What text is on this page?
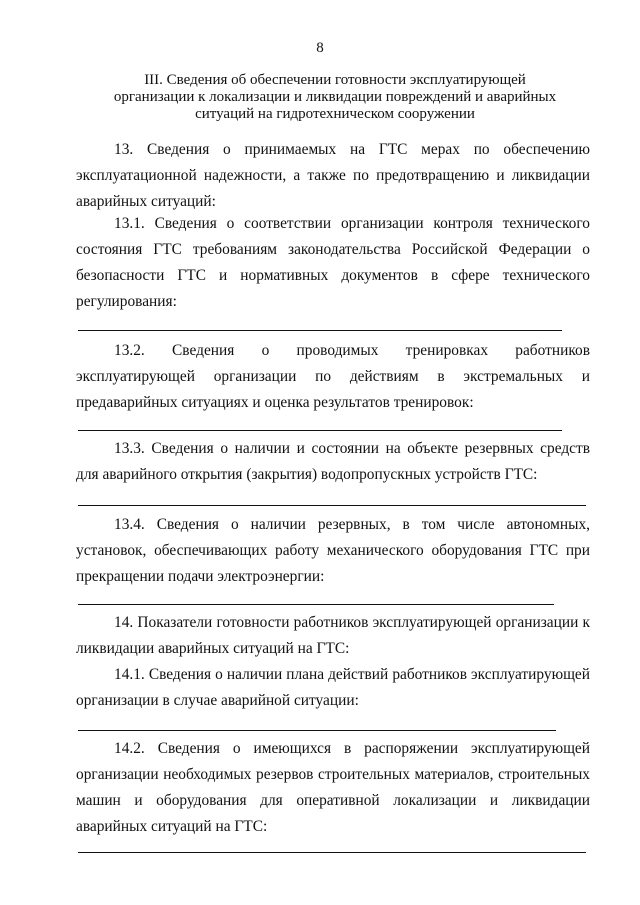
8
III. Сведения об обеспечении готовности эксплуатирующей
организации к локализации и ликвидации повреждений и аварийных
ситуаций на гидротехническом сооружении

13. Сведения о принимаемых на ГТС мерах по обеспечению эксплуатационной надежности, а также по предотвращению и ликвидации аварийных ситуаций:

13.1. Сведения о соответствии организации контроля технического состояния ГТС требованиям законодательства Российской Федерации о безопасности ГТС и нормативных документов в сфере технического регулирования:

13.2. Сведения о проводимых тренировках работников эксплуатирующей организации по действиям в экстремальных и предаварийных ситуациях и оценка результатов тренировок:

13.3. Сведения о наличии и состоянии на объекте резервных средств для аварийного открытия (закрытия) водопропускных устройств ГТС:

13.4. Сведения о наличии резервных, в том числе автономных, установок, обеспечивающих работу механического оборудования ГТС при прекращении подачи электроэнергии:

14. Показатели готовности работников эксплуатирующей организации к ликвидации аварийных ситуаций на ГТС:

14.1. Сведения о наличии плана действий работников эксплуатирующей организации в случае аварийной ситуации:

14.2. Сведения о имеющихся в распоряжении эксплуатирующей организации необходимых резервов строительных материалов, строительных машин и оборудования для оперативной локализации и ликвидации аварийных ситуаций на ГТС:
